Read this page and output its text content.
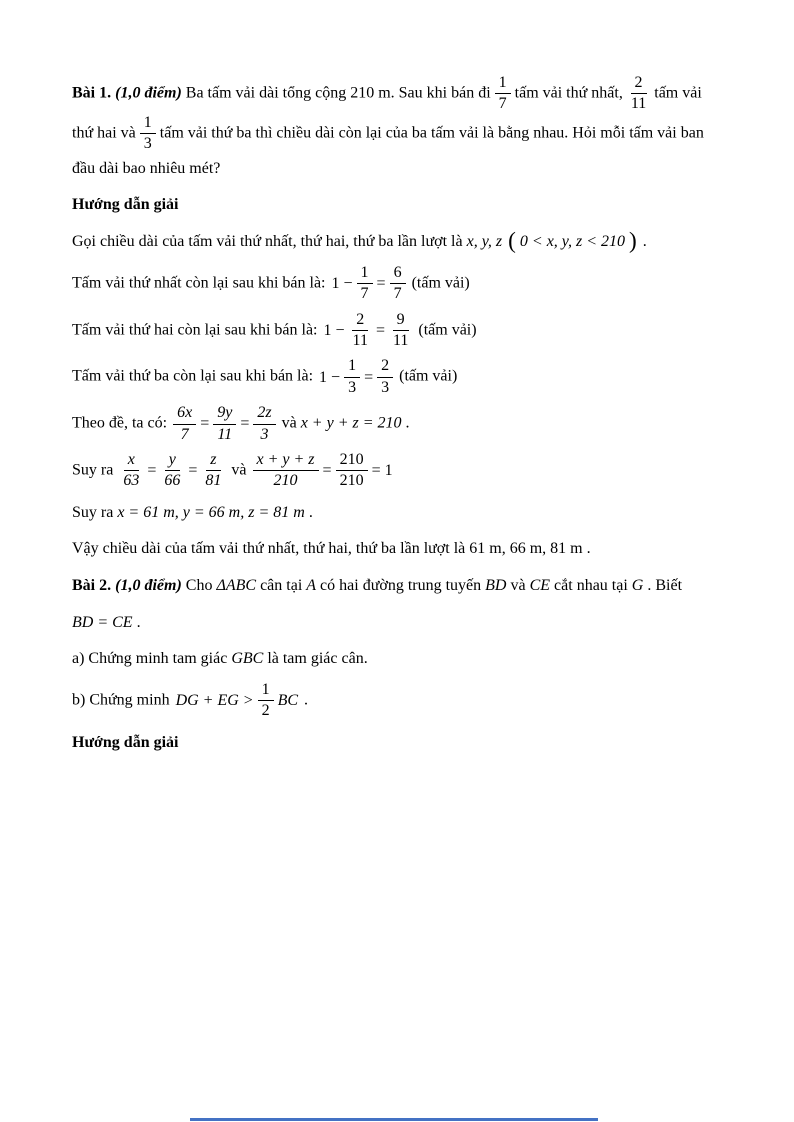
Bài 1. (1,0 điểm) Ba tấm vải dài tổng cộng 210 m. Sau khi bán đi $\frac{1}{7}$ tấm vải thứ nhất, $\frac{2}{11}$ tấm vải thứ hai và $\frac{1}{3}$ tấm vải thứ ba thì chiều dài còn lại của ba tấm vải là bằng nhau. Hỏi mỗi tấm vải ban đầu dài bao nhiêu mét?

Hướng dẫn giải

Gọi chiều dài của tấm vải thứ nhất, thứ hai, thứ ba lần lượt là x, y, z ( 0 < x, y, z < 210 ) .

Tấm vải thứ nhất còn lại sau khi bán là: $1 - \frac{1}{7} = \frac{6}{7}$ (tấm vải)

Tấm vải thứ hai còn lại sau khi bán là: $1 - \frac{2}{11} = \frac{9}{11}$ (tấm vải)

Tấm vải thứ ba còn lại sau khi bán là: $1 - \frac{1}{3} = \frac{2}{3}$ (tấm vải)

Theo đề, ta có: $\frac{6x}{7} = \frac{9y}{11} = \frac{2z}{3}$ và x + y + z = 210 .

Suy ra $\frac{x}{63} = \frac{y}{66} = \frac{z}{81}$ và $\frac{x + y + z}{210} = \frac{210}{210} = 1$

Suy ra x = 61 m, y = 66 m, z = 81 m .

Vậy chiều dài của tấm vải thứ nhất, thứ hai, thứ ba lần lượt là 61 m, 66 m, 81 m .

Bài 2. (1,0 điểm) Cho ΔABC cân tại A có hai đường trung tuyến BD và CE cắt nhau tại G . Biết

BD = CE .

a) Chứng minh tam giác GBC là tam giác cân.

b) Chứng minh DG + EG > $\frac{1}{2}$ BC .

Hướng dẫn giải
